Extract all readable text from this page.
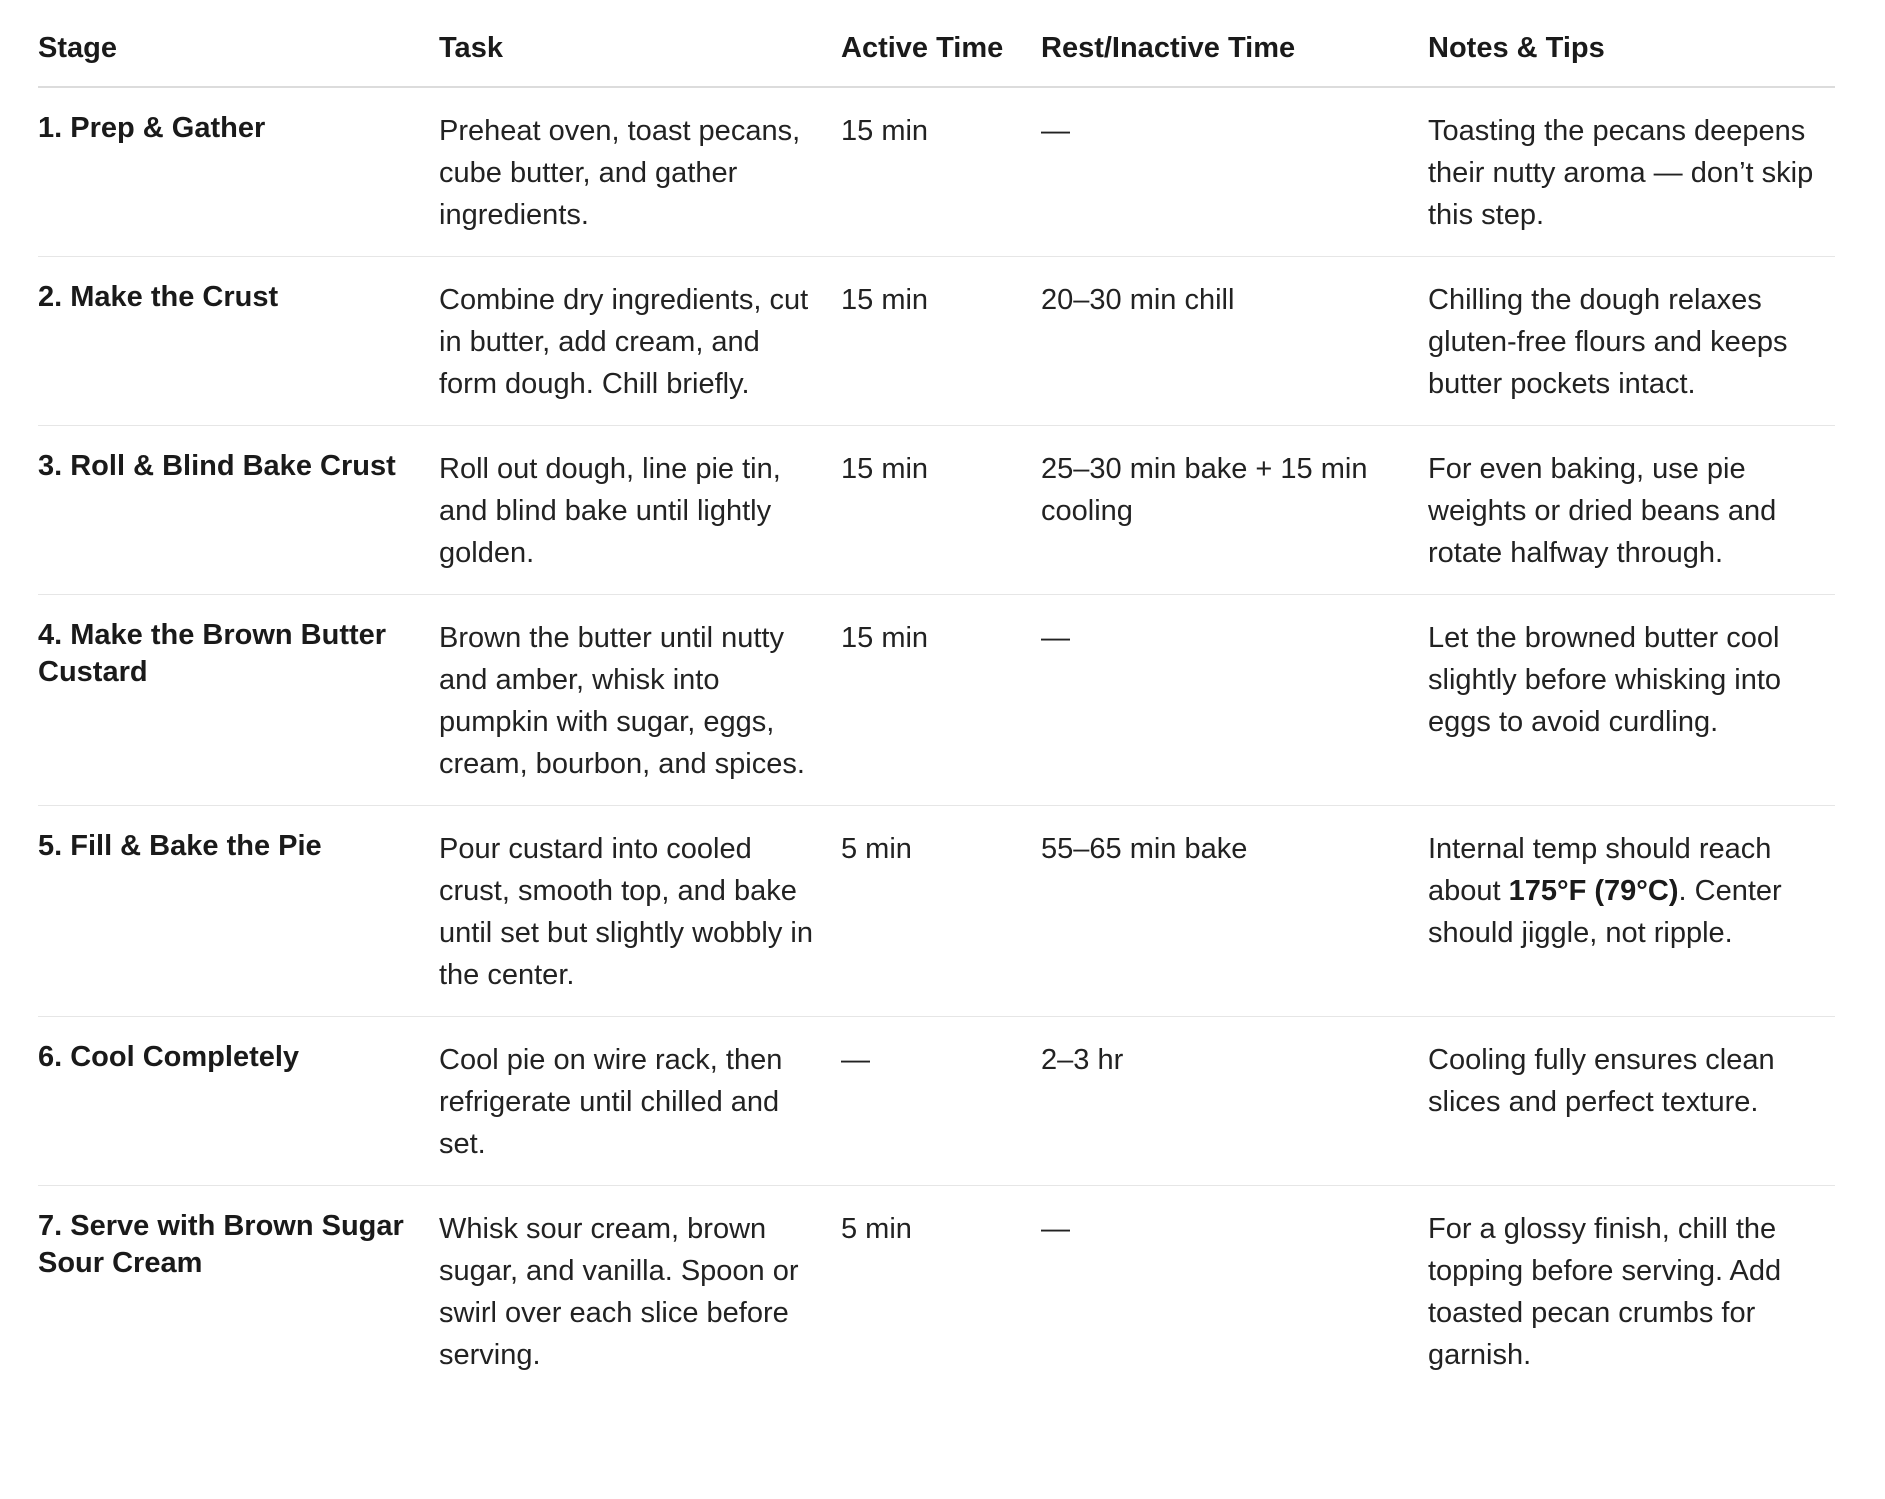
Stage	Task	Active Time	Rest/Inactive Time	Notes & Tips
1. Prep & Gather	Preheat oven, toast pecans, cube butter, and gather ingredients.	15 min	—	Toasting the pecans deepens their nutty aroma — don’t skip this step.
2. Make the Crust	Combine dry ingredients, cut in butter, add cream, and form dough. Chill briefly.	15 min	20–30 min chill	Chilling the dough relaxes gluten-free flours and keeps butter pockets intact.
3. Roll & Blind Bake Crust	Roll out dough, line pie tin, and blind bake until lightly golden.	15 min	25–30 min bake + 15 min cooling	For even baking, use pie weights or dried beans and rotate halfway through.
4. Make the Brown Butter Custard	Brown the butter until nutty and amber, whisk into pumpkin with sugar, eggs, cream, bourbon, and spices.	15 min	—	Let the browned butter cool slightly before whisking into eggs to avoid curdling.
5. Fill & Bake the Pie	Pour custard into cooled crust, smooth top, and bake until set but slightly wobbly in the center.	5 min	55–65 min bake	Internal temp should reach about 175°F (79°C). Center should jiggle, not ripple.
6. Cool Completely	Cool pie on wire rack, then refrigerate until chilled and set.	—	2–3 hr	Cooling fully ensures clean slices and perfect texture.
7. Serve with Brown Sugar Sour Cream	Whisk sour cream, brown sugar, and vanilla. Spoon or swirl over each slice before serving.	5 min	—	For a glossy finish, chill the topping before serving. Add toasted pecan crumbs for garnish.
